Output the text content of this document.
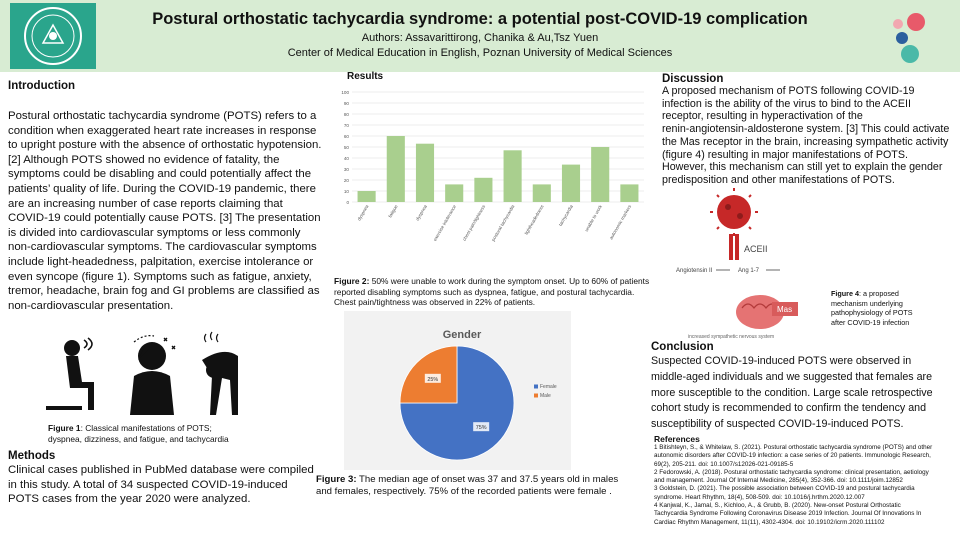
Postural orthostatic tachycardia syndrome: a potential post-COVID-19 complication
Authors: Assavarittirong, Chanika & Au,Tsz Yuen
Center of Medical Education in English, Poznan University of Medical Sciences
Introduction
Postural orthostatic tachycardia syndrome (POTS) refers to a
condition when exaggerated heart rate increases in response
to upright posture with the absence of orthostatic hypotension.
[2] Although POTS showed no evidence of fatality, the
symptoms could be disabling and could potentially affect the
patients’ quality of life. During the COVID-19 pandemic, there
are an increasing number of case reports claiming that
COVID-19 could potentially cause POTS. [3] The presentation
is divided into cardiovascular symptoms or less commonly
non-cardiovascular symptoms. The cardiovascular symptoms
include light-headedness, palpitation, exercise intolerance or
even syncope (figure 1). Symptoms such as fatigue, anxiety,
tremor, headache, brain fog and GI problems are classified as
non-cardiovascular presentation.
Figure 1: Classical manifestations of POTS;
dyspnea, dizziness, and fatigue, and tachycardia
Methods
Clinical cases published in PubMed database were compiled
in this study. A total of 34 suspected COVID-19-induced
POTS cases from the year 2020 were analyzed.
Results
0
10
20
30
40
50
60
70
80
90
100
dyspnea	fatigue	dyspnea exercise intolerance chest pain/tightness postural tachycardia lightheadedness	tachycardia unable to work autonomic markers
Figure 2: 50% were unable to work during the symptom onset. Up to 60% of patients
reported disabling symptoms such as dyspnea, fatigue, and postural tachycardia.
Chest pain/tightness was observed in 22% of patients.
Gender
75%
25%
Female
Male
Figure 3: The median age of onset was 37 and 37.5 years old in males
and females, respectively. 75% of the recorded patients were female .
Discussion
A proposed mechanism of POTS following COVID-19
infection is the ability of the virus to bind to the ACEII
receptor, resulting in hyperactivation of the
renin-angiotensin-aldosterone system. [3] This could activate
the Mas receptor in the brain, increasing sympathetic activity
(figure 4) resulting in major manifestations of POTS.
However, this mechanism can still yet to explain the gender
predisposition and other manifestations of POTS.
ACEII
Angiotensin II	Ang 1-7
Mas
increased sympathetic nervous system
Figure 4: a proposed
mechanism underlying
pathophysiology of POTS
after COVID-19 infection
Conclusion
Suspected COVID-19-induced POTS were observed in
middle-aged individuals and we suggested that females are
more susceptible to the condition. Large scale retrospective
cohort study is recommended to confirm the tendency and
susceptibility of suspected COVID-19-induced POTS.
References
1 Bitishteyn, S., & Whitelaw, S. (2021). Postural orthostatic tachycardia syndrome (POTS) and other
autonomic disorders after COVID-19 infection: a case series of 20 patients. Immunologic Research,
69(2), 205-211. doi: 10.1007/s12026-021-09185-5
2 Fedorowski, A. (2018). Postural orthostatic tachycardia syndrome: clinical presentation, aetiology
and management. Journal Of Internal Medicine, 285(4), 352-366. doi: 10.1111/joim.12852
3 Goldstein, D. (2021). The possible association between COVID-19 and postural tachycardia
syndrome. Heart Rhythm, 18(4), 508-509. doi: 10.1016/j.hrthm.2020.12.007
4 Kanjwal, K., Jamal, S., Kichloo, A., & Grubb, B. (2020). New-onset Postural Orthostatic
Tachycardia Syndrome Following Coronavirus Disease 2019 Infection. Journal Of Innovations In
Cardiac Rhythm Management, 11(11), 4302-4304. doi: 10.19102/icrm.2020.111102
